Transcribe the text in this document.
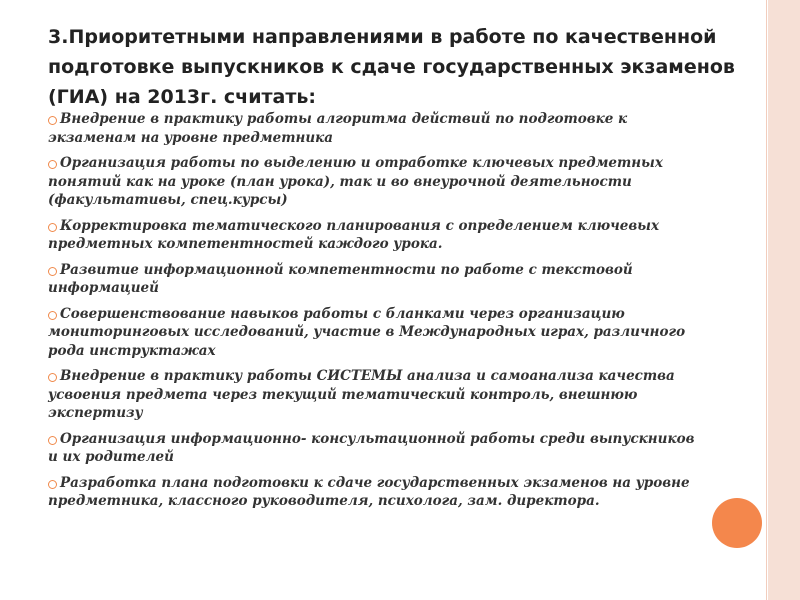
3.Приоритетными направлениями в работе по качественной подготовке выпускников к сдаче государственных экзаменов (ГИА) на 2013г. считать:
Внедрение в практику работы алгоритма действий по подготовке к экзаменам на уровне предметника
Организация работы по выделению и отработке ключевых предметных понятий как на уроке (план урока), так и во внеурочной деятельности (факультативы, спец.курсы)
Корректировка тематического планирования с определением ключевых предметных компетентностей каждого урока.
Развитие информационной компетентности по работе с текстовой информацией
Совершенствование навыков работы с бланками через организацию мониторинговых исследований, участие в Международных играх, различного рода инструктажах
Внедрение в практику работы СИСТЕМЫ анализа и самоанализа качества усвоения предмета через текущий тематический контроль, внешнюю экспертизу
Организация информационно- консультационной работы среди выпускников и их родителей
Разработка плана подготовки к сдаче государственных экзаменов на уровне предметника, классного руководителя, психолога, зам. директора.
